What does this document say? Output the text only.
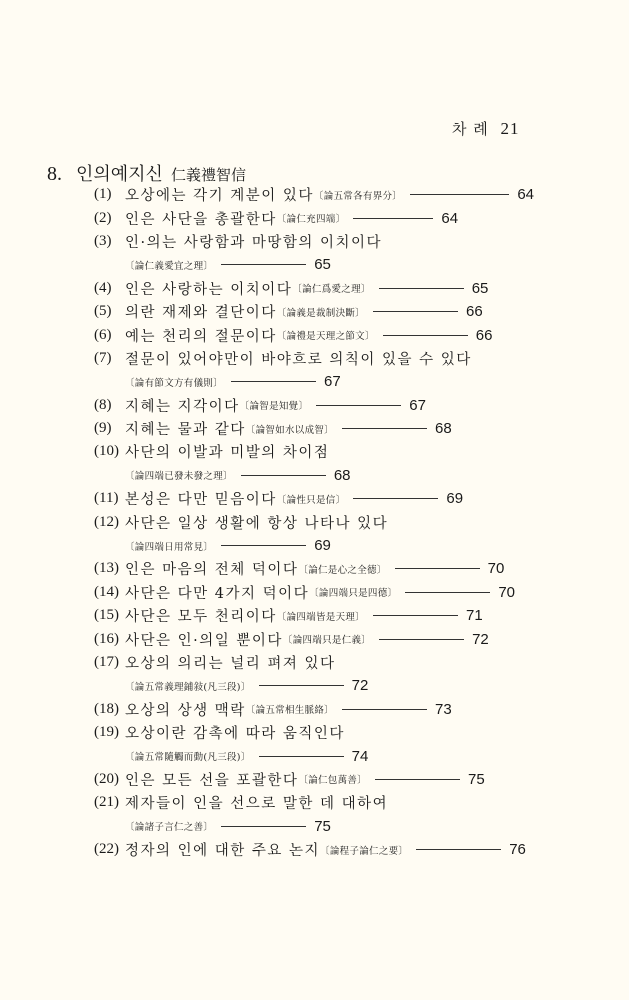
차 례 21
8. 인의예지신 仁義禮智信
(1) 오상에는 각기 계분이 있다 〔論五常各有界分〕	64
(2) 인은 사단을 총괄한다 〔論仁充四端〕	64
(3) 인·의는 사랑함과 마땅함의 이치이다
〔論仁義愛宜之理〕	65
(4) 인은 사랑하는 이치이다 〔論仁爲愛之理〕	65
(5) 의란 재제와 결단이다 〔論義是裁制決斷〕	66
(6) 예는 천리의 절문이다 〔論禮是天理之節文〕	66
(7) 절문이 있어야만이 바야흐로 의칙이 있을 수 있다
〔論有節文方有儀則〕	67
(8) 지혜는 지각이다 〔論智是知覺〕	67
(9) 지혜는 물과 같다 〔論智如水以成智〕	68
(10) 사단의 이발과 미발의 차이점
〔論四端已發未發之理〕	68
(11) 본성은 다만 믿음이다 〔論性只是信〕	69
(12) 사단은 일상 생활에 항상 나타나 있다
〔論四端日用常見〕	69
(13) 인은 마음의 전체 덕이다 〔論仁是心之全德〕	70
(14) 사단은 다만 4가지 덕이다 〔論四端只是四德〕	70
(15) 사단은 모두 천리이다 〔論四端皆是天理〕	71
(16) 사단은 인·의일 뿐이다 〔論四端只是仁義〕	72
(17) 오상의 의리는 널리 펴져 있다
〔論五常義理鋪敍(凡三段)〕	72
(18) 오상의 상생 맥락 〔論五常相生脈絡〕	73
(19) 오상이란 감촉에 따라 움직인다
〔論五常隨觸而動(凡三段)〕	74
(20) 인은 모든 선을 포괄한다 〔論仁包萬善〕	75
(21) 제자들이 인을 선으로 말한 데 대하여
〔論諸子言仁之善〕	75
(22) 정자의 인에 대한 주요 논지 〔論程子論仁之要〕	76
